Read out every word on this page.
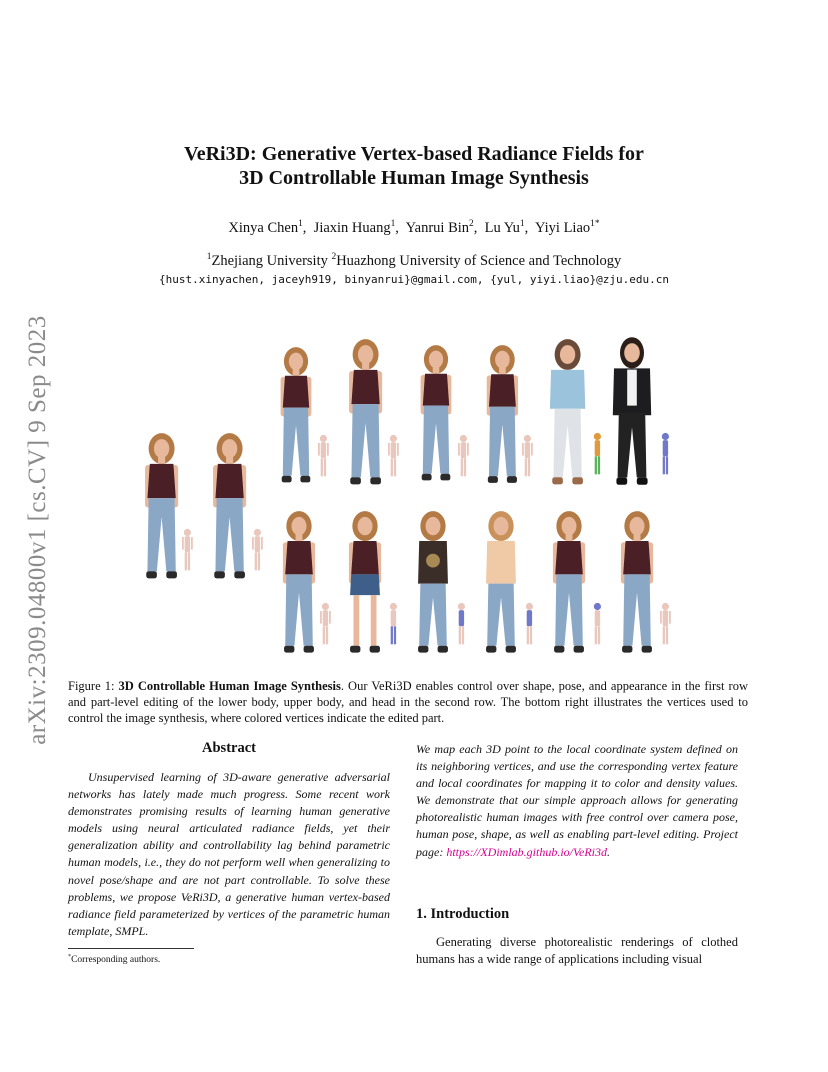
arXiv:2309.04800v1 [cs.CV] 9 Sep 2023
VeRi3D: Generative Vertex-based Radiance Fields for
3D Controllable Human Image Synthesis
Xinya Chen$^1$,  Jiaxin Huang$^1$,  Yanrui Bin$^2$,  Lu Yu$^1$,  Yiyi Liao$^{1*}$
$^1$Zhejiang University $^2$Huazhong University of Science and Technology
{hust.xinyachen, jaceyh919, binyanrui}@gmail.com, {yul, yiyi.liao}@zju.edu.cn
Figure 1: 3D Controllable Human Image Synthesis. Our VeRi3D enables control over shape, pose, and appearance in the first row and part-level editing of the lower body, upper body, and head in the second row. The bottom right illustrates the vertices used to control the image synthesis, where colored vertices indicate the edited part.
Abstract

Unsupervised learning of 3D-aware generative adversarial networks has lately made much progress. Some recent work demonstrates promising results of learning human generative models using neural articulated radiance fields, yet their generalization ability and controllability lag behind parametric human models, i.e., they do not perform well when generalizing to novel pose/shape and are not part controllable. To solve these problems, we propose VeRi3D, a generative human vertex-based radiance field parameterized by vertices of the parametric human template, SMPL.

We map each 3D point to the local coordinate system defined on its neighboring vertices, and use the corresponding vertex feature and local coordinates for mapping it to color and density values. We demonstrate that our simple approach allows for generating photorealistic human images with free control over camera pose, human pose, shape, as well as enabling part-level editing. Project page: https://XDimlab.github.io/VeRi3d.
1. Introduction
Generating diverse photorealistic renderings of clothed humans has a wide range of applications including visual
*Corresponding authors.
